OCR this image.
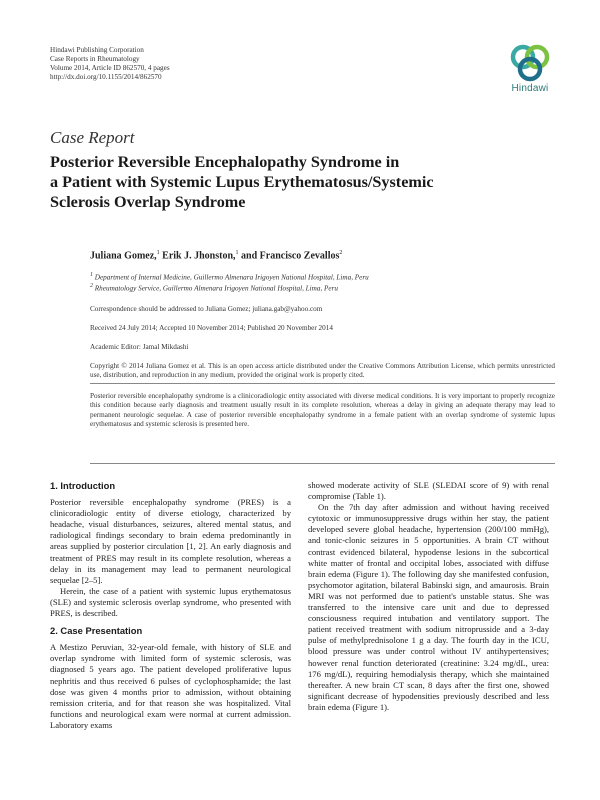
Hindawi Publishing Corporation
Case Reports in Rheumatology
Volume 2014, Article ID 862570, 4 pages
http://dx.doi.org/10.1155/2014/862570
Hindawi
Case Report
Posterior Reversible Encephalopathy Syndrome in
a Patient with Systemic Lupus Erythematosus/Systemic
Sclerosis Overlap Syndrome
Juliana Gomez,$^1$ Erik J. Jhonston,$^1$ and Francisco Zevallos$^2$
$^1$ Department of Internal Medicine, Guillermo Almenara Irigoyen National Hospital, Lima, Peru
$^2$ Rheumatology Service, Guillermo Almenara Irigoyen National Hospital, Lima, Peru
Correspondence should be addressed to Juliana Gomez; juliana.gab@yahoo.com
Received 24 July 2014; Accepted 10 November 2014; Published 20 November 2014
Academic Editor: Jamal Mikdashi
Copyright © 2014 Juliana Gomez et al. This is an open access article distributed under the Creative Commons Attribution License, which permits unrestricted use, distribution, and reproduction in any medium, provided the original work is properly cited.
Posterior reversible encephalopathy syndrome is a clinicoradiologic entity associated with diverse medical conditions. It is very important to properly recognize this condition because early diagnosis and treatment usually result in its complete resolution, whereas a delay in giving an adequate therapy may lead to permanent neurologic sequelae. A case of posterior reversible encephalopathy syndrome in a female patient with an overlap syndrome of systemic lupus erythematosus and systemic sclerosis is presented here.
1. Introduction

Posterior reversible encephalopathy syndrome (PRES) is a clinicoradiologic entity of diverse etiology, characterized by headache, visual disturbances, seizures, altered mental status, and radiological findings secondary to brain edema predominantly in areas supplied by posterior circulation [1, 2]. An early diagnosis and treatment of PRES may result in its complete resolution, whereas a delay in its management may lead to permanent neurological sequelae [2–5].

Herein, the case of a patient with systemic lupus erythematosus (SLE) and systemic sclerosis overlap syndrome, who presented with PRES, is described.

2. Case Presentation

A Mestizo Peruvian, 32-year-old female, with history of SLE and overlap syndrome with limited form of systemic sclerosis, was diagnosed 5 years ago. The patient developed proliferative lupus nephritis and thus received 6 pulses of cyclophosphamide; the last dose was given 4 months prior to admission, without obtaining remission criteria, and for that reason she was hospitalized. Vital functions and neurological exam were normal at current admission. Laboratory exams

showed moderate activity of SLE (SLEDAI score of 9) with renal compromise (Table 1).

On the 7th day after admission and without having received cytotoxic or immunosuppressive drugs within her stay, the patient developed severe global headache, hypertension (200/100 mmHg), and tonic-clonic seizures in 5 opportunities. A brain CT without contrast evidenced bilateral, hypodense lesions in the subcortical white matter of frontal and occipital lobes, associated with diffuse brain edema (Figure 1). The following day she manifested confusion, psychomotor agitation, bilateral Babinski sign, and amaurosis. Brain MRI was not performed due to patient's unstable status. She was transferred to the intensive care unit and due to depressed consciousness required intubation and ventilatory support. The patient received treatment with sodium nitroprusside and a 3-day pulse of methylprednisolone 1 g a day. The fourth day in the ICU, blood pressure was under control without IV antihypertensives; however renal function deteriorated (creatinine: 3.24 mg/dL, urea: 176 mg/dL), requiring hemodialysis therapy, which she maintained thereafter. A new brain CT scan, 8 days after the first one, showed significant decrease of hypodensities previously described and less brain edema (Figure 1).
